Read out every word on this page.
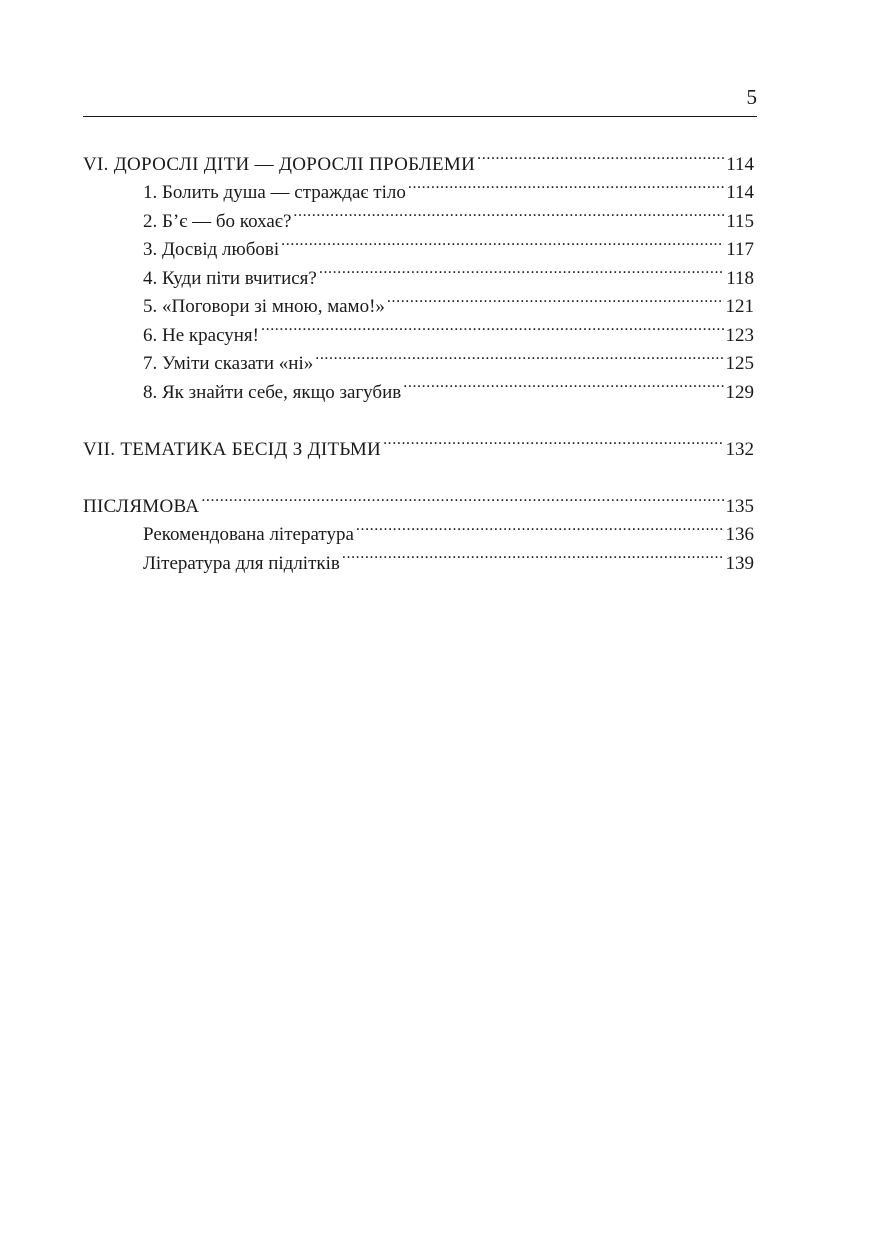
5
VI. ДОРОСЛІ ДІТИ — ДОРОСЛІ ПРОБЛЕМИ .....	114
1. Болить душа — страждає тіло .....	114
2. Б’є — бо кохає? .....	115
3. Досвід любові .....	117
4. Куди піти вчитися? .....	118
5. «Поговори зі мною, мамо!» .....	121
6. Не красуня! .....	123
7. Уміти сказати «ні» .....	125
8. Як знайти себе, якщо загубив .....	129
VII. ТЕМАТИКА БЕСІД З ДІТЬМИ .....	132
ПІСЛЯМОВА .....	135
Рекомендована література .....	136
Література для підлітків .....	139
